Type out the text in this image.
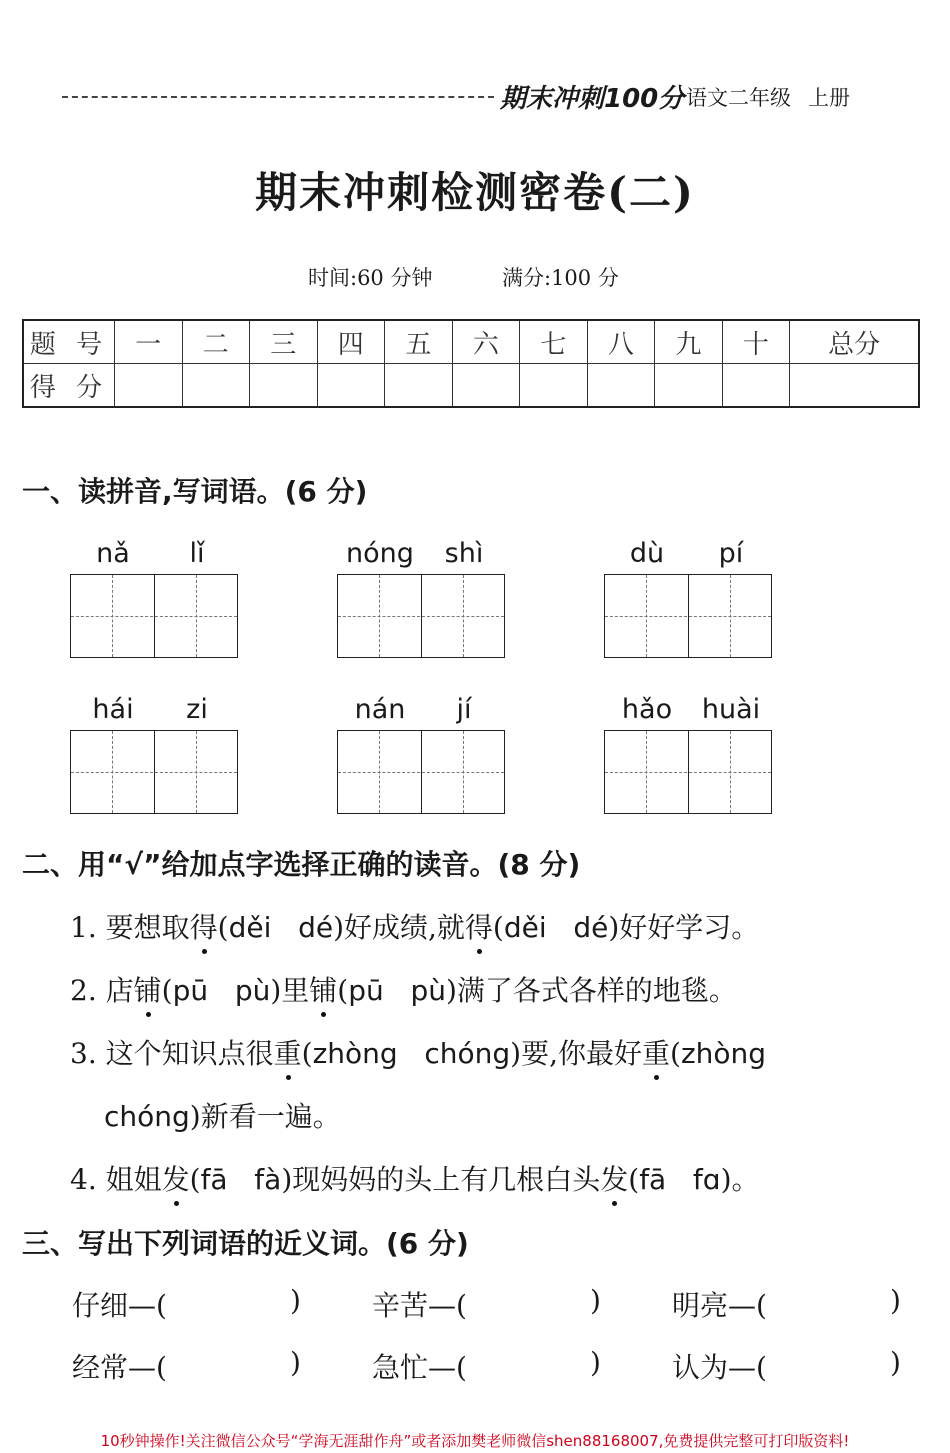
期末冲刺100分 语文二年级 上册
期末冲刺检测密卷(二)
时间:60 分钟	满分:100 分
题 号	一	二	三	四	五	六	七	八	九	十	总分
得 分											
一、读拼音,写词语。(6 分)
nǎ	lǐ	nóng	shì	dù	pí
hái	zi	nán	jí	hǎo	huài
二、用“√”给加点字选择正确的读音。(8 分)
1. 要想取得(děi dé)好成绩,就得(děi dé)好好学习。
2. 店铺(pū pù)里铺(pū pù)满了各式各样的地毯。
3. 这个知识点很重(zhòng chóng)要,你最好重(zhòng
chóng)新看一遍。
4. 姐姐发(fā fà)现妈妈的头上有几根白头发(fā fɑ)。
三、写出下列词语的近义词。(6 分)
仔细—(	)	辛苦—(	)	明亮—(	)
经常—(	)	急忙—(	)	认为—(	)
10秒钟操作!关注微信公众号“学海无涯甜作舟”或者添加樊老师微信shen88168007,免费提供完整可打印版资料!
